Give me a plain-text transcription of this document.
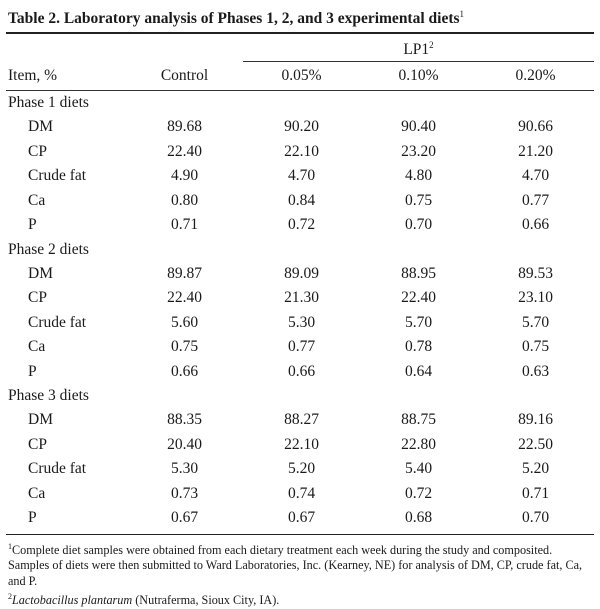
Table 2. Laboratory analysis of Phases 1, 2, and 3 experimental diets$^1$

		$LP1^2$

Item, %	Control	0.05%	0.10%	0.20%

Phase 1 diets				
DM	89.68	90.20	90.40	90.66
CP	22.40	22.10	23.20	21.20
Crude fat	4.90	4.70	4.80	4.70
Ca	0.80	0.84	0.75	0.77
P	0.71	0.72	0.70	0.66
Phase 2 diets				
DM	89.87	89.09	88.95	89.53
CP	22.40	21.30	22.40	23.10
Crude fat	5.60	5.30	5.70	5.70
Ca	0.75	0.77	0.78	0.75
P	0.66	0.66	0.64	0.63
Phase 3 diets				
DM	88.35	88.27	88.75	89.16
CP	20.40	22.10	22.80	22.50
Crude fat	5.30	5.20	5.40	5.20
Ca	0.73	0.74	0.72	0.71
P	0.67	0.67	0.68	0.70
$^1$Complete diet samples were obtained from each dietary treatment each week during the study and composited. Samples of diets were then submitted to Ward Laboratories, Inc. (Kearney, NE) for analysis of DM, CP, crude fat, Ca, and P.
$^2$Lactobacillus plantarum (Nutraferma, Sioux City, IA).
